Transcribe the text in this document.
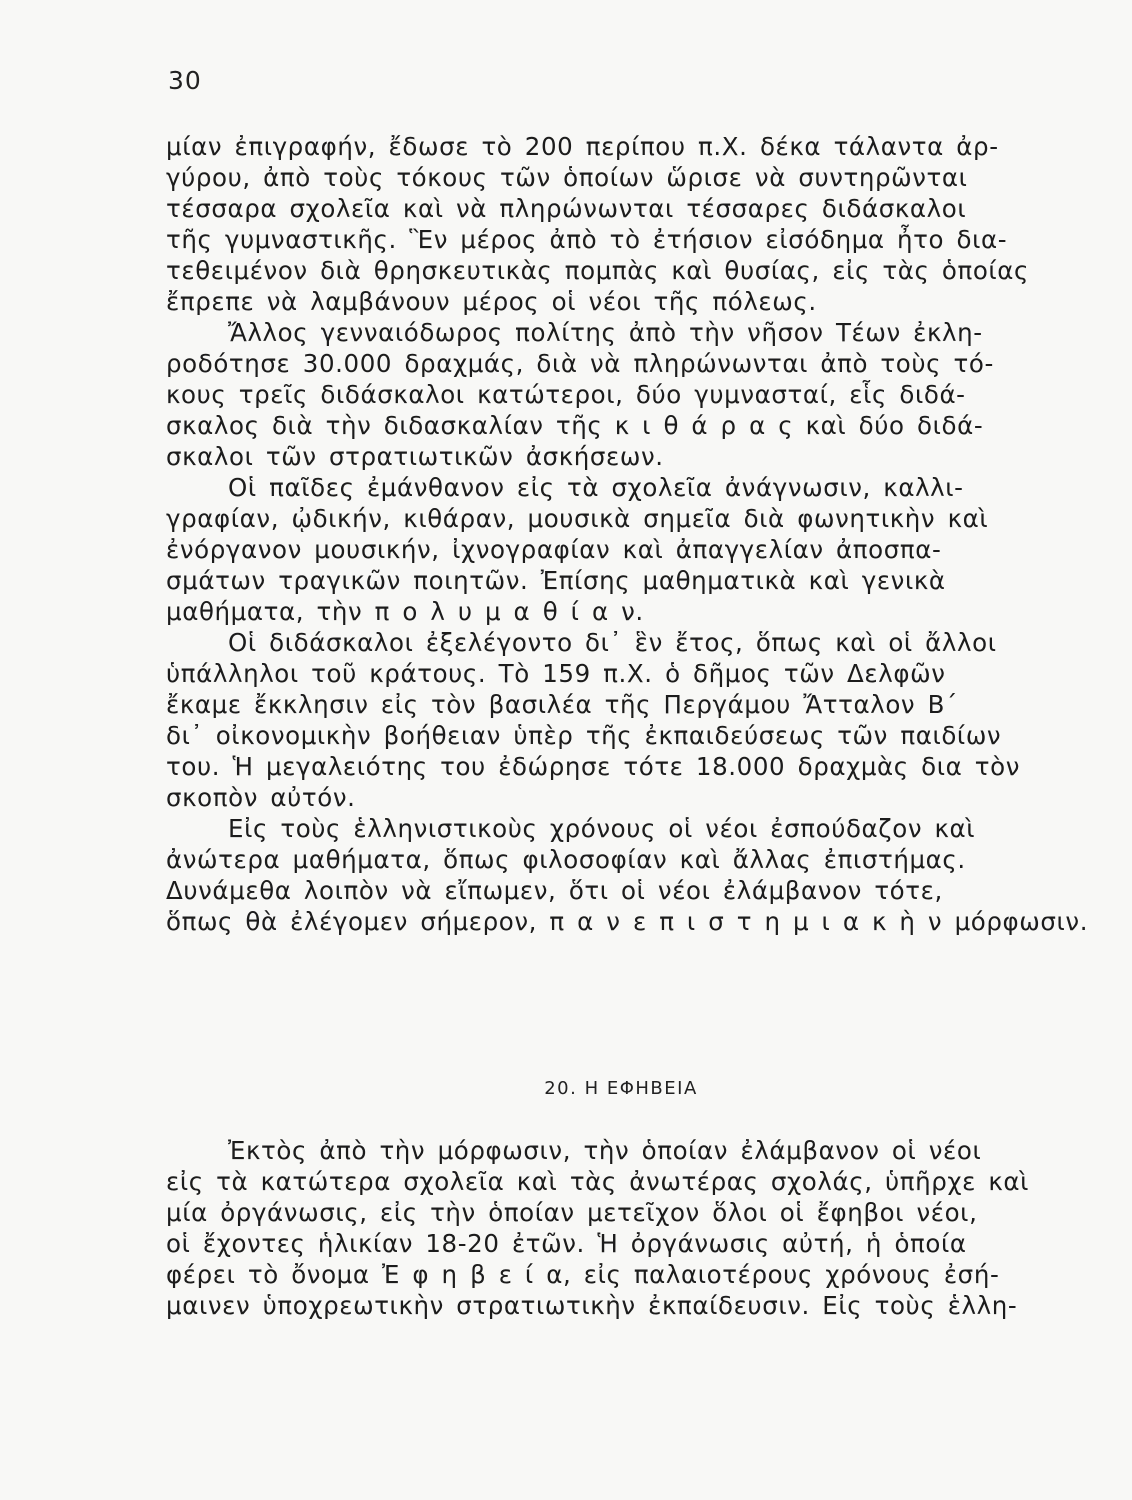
30
μίαν ἐπιγραφήν, ἔδωσε τὸ 200 περίπου π.Χ. δέκα τάλαντα ἀρ-
γύρου, ἀπὸ τοὺς τόκους τῶν ὁποίων ὥρισε νὰ συντηρῶνται
τέσσαρα σχολεῖα καὶ νὰ πληρώνωνται τέσσαρες διδάσκαλοι
τῆς γυμναστικῆς. Ἓν μέρος ἀπὸ τὸ ἐτήσιον εἰσόδημα ἦτο δια-
τεθειμένον διὰ θρησκευτικὰς πομπὰς καὶ θυσίας, εἰς τὰς ὁποίας
ἔπρεπε νὰ λαμβάνουν μέρος οἱ νέοι τῆς πόλεως.
Ἄλλος γενναιόδωρος πολίτης ἀπὸ τὴν νῆσον Τέων ἐκλη-
ροδότησε 30.000 δραχμάς, διὰ νὰ πληρώνωνται ἀπὸ τοὺς τό-
κους τρεῖς διδάσκαλοι κατώτεροι, δύο γυμνασταί, εἷς διδά-
σκαλος διὰ τὴν διδασκαλίαν τῆς κ ι θ ά ρ α ς καὶ δύο διδά-
σκαλοι τῶν στρατιωτικῶν ἀσκήσεων.
Οἱ παῖδες ἐμάνθανον εἰς τὰ σχολεῖα ἀνάγνωσιν, καλλι-
γραφίαν, ᾠδικήν, κιθάραν, μουσικὰ σημεῖα διὰ φωνητικὴν καὶ
ἐνόργανον μουσικήν, ἰχνογραφίαν καὶ ἀπαγγελίαν ἀποσπα-
σμάτων τραγικῶν ποιητῶν. Ἐπίσης μαθηματικὰ καὶ γενικὰ
μαθήματα, τὴν π ο λ υ μ α θ ί α ν.
Οἱ διδάσκαλοι ἐξελέγοντο δι᾽ ἓν ἔτος, ὅπως καὶ οἱ ἄλλοι
ὑπάλληλοι τοῦ κράτους. Τὸ 159 π.Χ. ὁ δῆμος τῶν Δελφῶν
ἔκαμε ἔκκλησιν εἰς τὸν βασιλέα τῆς Περγάμου Ἄτταλον Β΄
δι᾽ οἰκονομικὴν βοήθειαν ὑπὲρ τῆς ἐκπαιδεύσεως τῶν παιδίων
του. Ἡ μεγαλειότης του ἐδώρησε τότε 18.000 δραχμὰς δια τὸν
σκοπὸν αὐτόν.
Εἰς τοὺς ἑλληνιστικοὺς χρόνους οἱ νέοι ἐσπούδαζον καὶ
ἀνώτερα μαθήματα, ὅπως φιλοσοφίαν καὶ ἄλλας ἐπιστήμας.
Δυνάμεθα λοιπὸν νὰ εἴπωμεν, ὅτι οἱ νέοι ἐλάμβανον τότε,
ὅπως θὰ ἐλέγομεν σήμερον, π α ν ε π ι σ τ η μ ι α κ ὴ ν μόρφωσιν.
20. Η ΕΦΗΒΕΙΑ
Ἐκτὸς ἀπὸ τὴν μόρφωσιν, τὴν ὁποίαν ἐλάμβανον οἱ νέοι
εἰς τὰ κατώτερα σχολεῖα καὶ τὰς ἀνωτέρας σχολάς, ὑπῆρχε καὶ
μία ὀργάνωσις, εἰς τὴν ὁποίαν μετεῖχον ὅλοι οἱ ἔφηβοι νέοι,
οἱ ἔχοντες ἡλικίαν 18-20 ἐτῶν. Ἡ ὀργάνωσις αὐτή, ἡ ὁποία
φέρει τὸ ὄνομα Ἐ φ η β ε ί α, εἰς παλαιοτέρους χρόνους ἐσή-
μαινεν ὑποχρεωτικὴν στρατιωτικὴν ἐκπαίδευσιν. Εἰς τοὺς ἑλλη-
